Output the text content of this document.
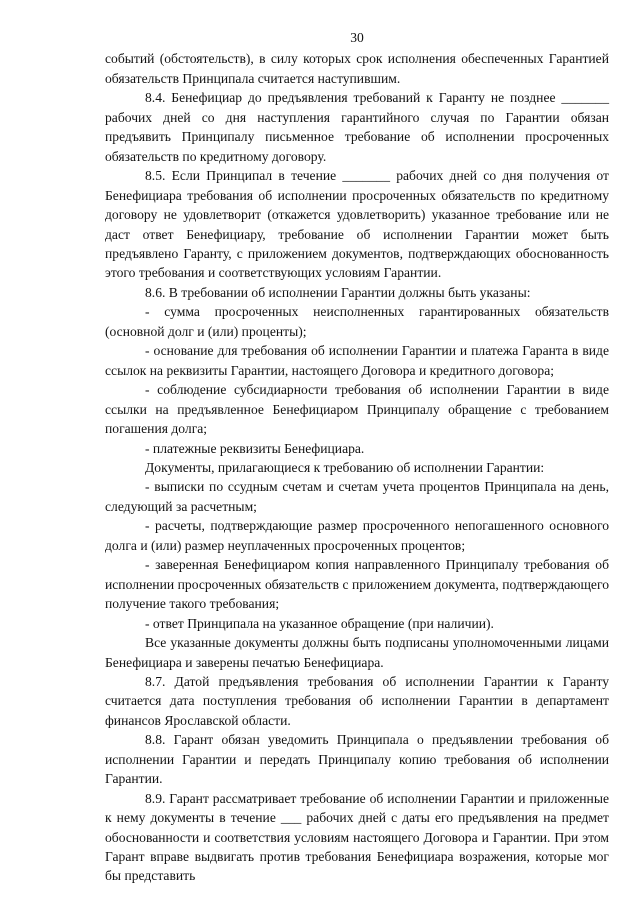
30

событий (обстоятельств), в силу которых срок исполнения обеспеченных Гарантией обязательств Принципала считается наступившим.

8.4. Бенефициар до предъявления требований к Гаранту не позднее _______ рабочих дней со дня наступления гарантийного случая по Гарантии обязан предъявить Принципалу письменное требование об исполнении просроченных обязательств по кредитному договору.

8.5. Если Принципал в течение _______ рабочих дней со дня получения от Бенефициара требования об исполнении просроченных обязательств по кредитному договору не удовлетворит (откажется удовлетворить) указанное требование или не даст ответ Бенефициару, требование об исполнении Гарантии может быть предъявлено Гаранту, с приложением документов, подтверждающих обоснованность этого требования и соответствующих условиям Гарантии.

8.6. В требовании об исполнении Гарантии должны быть указаны:

- сумма просроченных неисполненных гарантированных обязательств (основной долг и (или) проценты);

- основание для требования об исполнении Гарантии и платежа Гаранта в виде ссылок на реквизиты Гарантии, настоящего Договора и кредитного договора;

- соблюдение субсидиарности требования об исполнении Гарантии в виде ссылки на предъявленное Бенефициаром Принципалу обращение с требованием погашения долга;

- платежные реквизиты Бенефициара.

Документы, прилагающиеся к требованию об исполнении Гарантии:

- выписки по ссудным счетам и счетам учета процентов Принципала на день, следующий за расчетным;

- расчеты, подтверждающие размер просроченного непогашенного основного долга и (или) размер неуплаченных просроченных процентов;

- заверенная Бенефициаром копия направленного Принципалу требования об исполнении просроченных обязательств с приложением документа, подтверждающего получение такого требования;

- ответ Принципала на указанное обращение (при наличии).

Все указанные документы должны быть подписаны уполномоченными лицами Бенефициара и заверены печатью Бенефициара.

8.7. Датой предъявления требования об исполнении Гарантии к Гаранту считается дата поступления требования об исполнении Гарантии в департамент финансов Ярославской области.

8.8. Гарант обязан уведомить Принципала о предъявлении требования об исполнении Гарантии и передать Принципалу копию требования об исполнении Гарантии.

8.9. Гарант рассматривает требование об исполнении Гарантии и приложенные к нему документы в течение ___ рабочих дней с даты его предъявления на предмет обоснованности и соответствия условиям настоящего Договора и Гарантии. При этом Гарант вправе выдвигать против требования Бенефициара возражения, которые мог бы представить
